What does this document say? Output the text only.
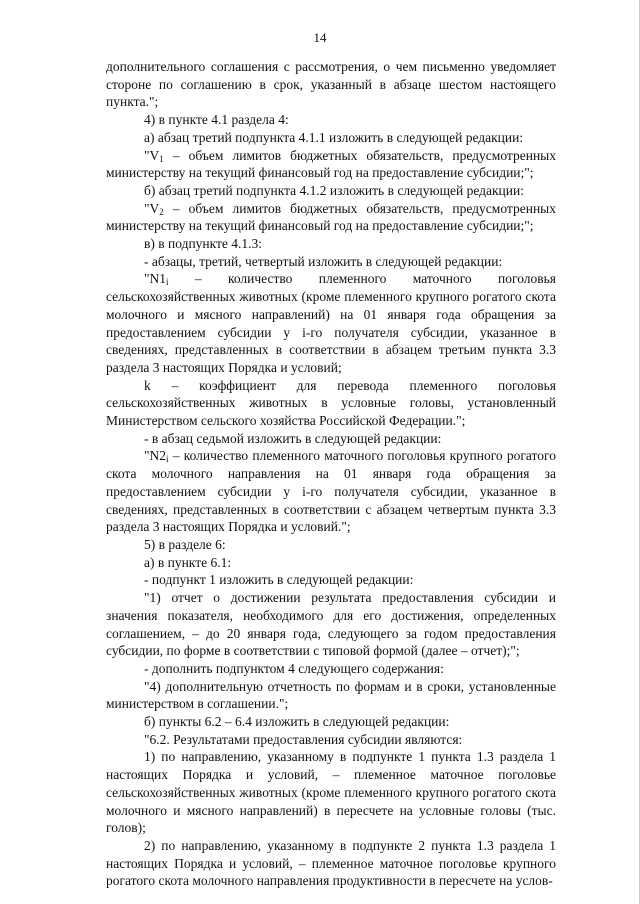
14

дополнительного соглашения с рассмотрения, о чем письменно уведомляет стороне по соглашению в срок, указанный в абзаце шестом настоящего пункта.";

4) в пункте 4.1 раздела 4:

а) абзац третий подпункта 4.1.1 изложить в следующей редакции:

"$V_1$ – объем лимитов бюджетных обязательств, предусмотренных министерству на текущий финансовый год на предоставление субсидии;";

б) абзац третий подпункта 4.1.2 изложить в следующей редакции:

"$V_2$ – объем лимитов бюджетных обязательств, предусмотренных министерству на текущий финансовый год на предоставление субсидии;";

в) в подпункте 4.1.3:

- абзацы, третий, четвертый изложить в следующей редакции:

"$N1_i$ – количество племенного маточного поголовья сельскохозяйственных животных (кроме племенного крупного рогатого скота молочного и мясного направлений) на 01 января года обращения за предоставлением субсидии у i-го получателя субсидии, указанное в сведениях, представленных в соответствии в абзацем третьим пункта 3.3 раздела 3 настоящих Порядка и условий;

k – коэффициент для перевода племенного поголовья сельскохозяйственных животных в условные головы, установленный Министерством сельского хозяйства Российской Федерации.";

- в абзац седьмой изложить в следующей редакции:

"$N2_i$ – количество племенного маточного поголовья крупного рогатого скота молочного направления на 01 января года обращения за предоставлением субсидии у i-го получателя субсидии, указанное в сведениях, представленных в соответствии с абзацем четвертым пункта 3.3 раздела 3 настоящих Порядка и условий.";

5) в разделе 6:

а) в пункте 6.1:

- подпункт 1 изложить в следующей редакции:

"1) отчет о достижении результата предоставления субсидии и значения показателя, необходимого для его достижения, определенных соглашением, – до 20 января года, следующего за годом предоставления субсидии, по форме в соответствии с типовой формой (далее – отчет);";

- дополнить подпунктом 4 следующего содержания:

"4) дополнительную отчетность по формам и в сроки, установленные министерством в соглашении.";

б) пункты 6.2 – 6.4 изложить в следующей редакции:

"6.2. Результатами предоставления субсидии являются:

1) по направлению, указанному в подпункте 1 пункта 1.3 раздела 1 настоящих Порядка и условий, – племенное маточное поголовье сельскохозяйственных животных (кроме племенного крупного рогатого скота молочного и мясного направлений) в пересчете на условные головы (тыс. голов);

2) по направлению, указанному в подпункте 2 пункта 1.3 раздела 1 настоящих Порядка и условий, – племенное маточное поголовье крупного рогатого скота молочного направления продуктивности в пересчете на услов-
